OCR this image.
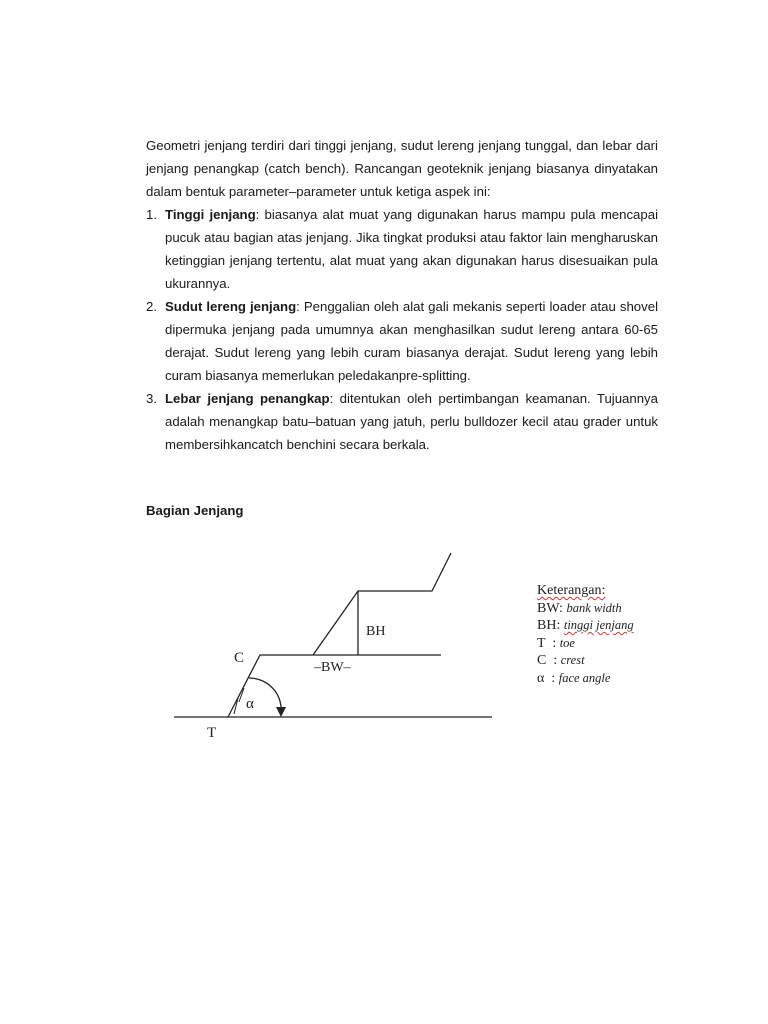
Geometri jenjang terdiri dari tinggi jenjang, sudut lereng jenjang tunggal, dan lebar dari jenjang penangkap (catch bench). Rancangan geoteknik jenjang biasanya dinyatakan dalam bentuk parameter–parameter untuk ketiga aspek ini:

1. Tinggi jenjang: biasanya alat muat yang digunakan harus mampu pula mencapai pucuk atau bagian atas jenjang. Jika tingkat produksi atau faktor lain mengharuskan ketinggian jenjang tertentu, alat muat yang akan digunakan harus disesuaikan pula ukurannya.
2. Sudut lereng jenjang: Penggalian oleh alat gali mekanis seperti loader atau shovel dipermuka jenjang pada umumnya akan menghasilkan sudut lereng antara 60-65 derajat. Sudut lereng yang lebih curam biasanya derajat. Sudut lereng yang lebih curam biasanya memerlukan peledakanpre-splitting.
3. Lebar jenjang penangkap: ditentukan oleh pertimbangan keamanan. Tujuannya adalah menangkap batu–batuan yang jatuh, perlu bulldozer kecil atau grader untuk membersihkancatch benchini secara berkala.
Bagian Jenjang
C
T
α
–BW–
BH
Keterangan:
BW: bank width
BH: tinggi jenjang
T  : toe
C  : crest
α  : face angle
